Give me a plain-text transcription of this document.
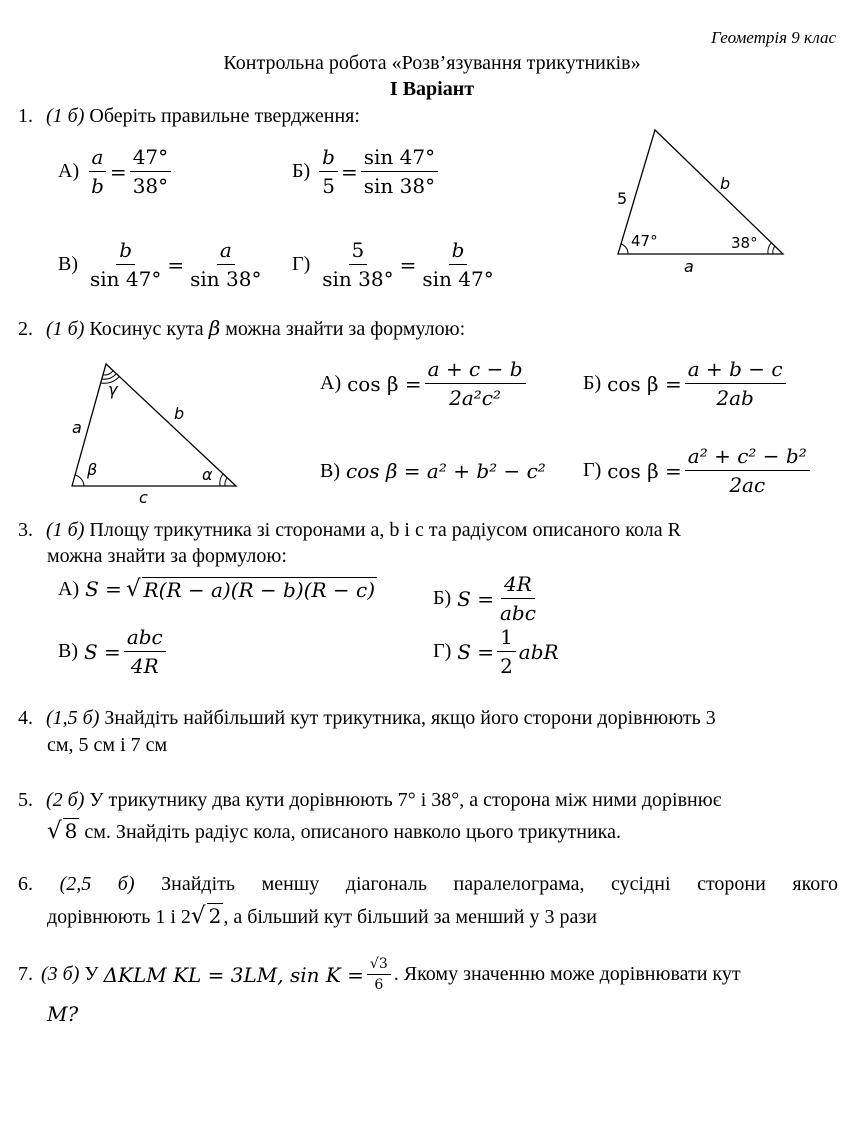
Геометрія 9 клас
Контрольна робота «Розв’язування трикутників»
I Варіант
1. (1 б) Оберіть правильне твердження:
$А) \frac{a}{b} = \frac{47^\circ}{38^\circ}$	$Б) \frac{b}{5} = \frac{\sin 47^\circ}{\sin 38^\circ}$
$В) \frac{b}{\sin 47^\circ} = \frac{a}{\sin 38^\circ} Г) \frac{5}{\sin 38^\circ} = \frac{b}{\sin 47^\circ}$
5
b
a
47°	38°
2. (1 б) Косинус кута β можна знайти за формулою:
γ
β	α
a
b
c
А) $\cos \beta = \frac{a + c - b}{\text{2a²c²}}$	Б) $\cos \beta = \frac{a + b - c}{2ab}$
В) cos β = a² + b² − c² Г) $\cos \beta = \frac{\text{a² + c² − b²}}{2ac}$
3. (1 б) Площу трикутника зі сторонами a, b і c та радіусом описаного кола R
можна знайти за формулою:
А) S = √ R(R − a)(R − b)(R − c)	Б) $S = \frac{4R}{\text{abc}}$
В) $S = \frac{\text{abc}}{4R}$	Г) $S = \frac{1}{2}$ abR
4. (1,5 б) Знайдіть найбільший кут трикутника, якщо його сторони дорівнюють 3
см, 5 см і 7 см
5. (2 б) У трикутнику два кути дорівнюють 7° і 38°, а сторона між ними дорівнює
√ 8 см. Знайдіть радіус кола, описаного навколо цього трикутника.
6. (2,5 б) Знайдіть меншу діагональ паралелограма, сусідні сторони якого
дорівнюють 1 і 2√ 2 , а більший кут більший за менший у 3 рази
7. (3 б) У ΔKLM KL = 3LM, $\sin K = \frac{√3}{6}$ . Якому значенню може дорівнювати кут
M?
